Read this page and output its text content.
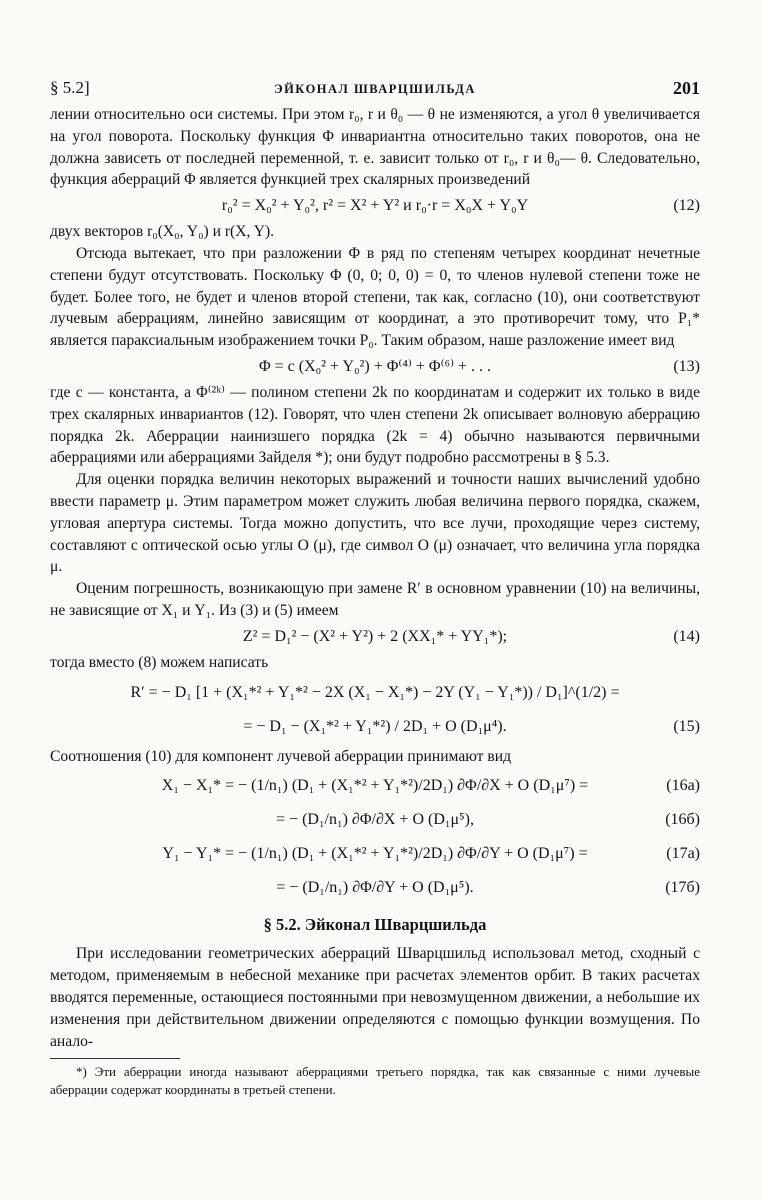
§ 5.2]	ЭЙКОНАЛ ШВАРЦШИЛЬДА	201

лении относительно оси системы. При этом r₀, r и θ₀ — θ не изменяются, а угол θ увеличивается на угол поворота. Поскольку функция Φ инвариантна относительно таких поворотов, она не должна зависеть от последней переменной, т. е. зависит только от r₀, r и θ₀— θ. Следовательно, функция аберраций Φ является функцией трех скалярных произведений

r₀² = X₀² + Y₀², r² = X² + Y² и r₀·r = X₀X + Y₀Y	(12)

двух векторов r₀(X₀, Y₀) и r(X, Y).

Отсюда вытекает, что при разложении Φ в ряд по степеням четырех координат нечетные степени будут отсутствовать. Поскольку Φ (0, 0; 0, 0) = 0, то членов нулевой степени тоже не будет. Более того, не будет и членов второй степени, так как, согласно (10), они соответствуют лучевым аберрациям, линейно зависящим от координат, а это противоречит тому, что P₁* является параксиальным изображением точки P₀. Таким образом, наше разложение имеет вид

Φ = c (X₀² + Y₀²) + Φ⁽⁴⁾ + Φ⁽⁶⁾ + . . .	(13)

где c — константа, а Φ⁽²ᵏ⁾ — полином степени 2k по координатам и содержит их только в виде трех скалярных инвариантов (12). Говорят, что член степени 2k описывает волновую аберрацию порядка 2k. Аберрации наинизшего порядка (2k = 4) обычно называются первичными аберрациями или аберрациями Зайделя *); они будут подробно рассмотрены в § 5.3.

Для оценки порядка величин некоторых выражений и точности наших вычислений удобно ввести параметр μ. Этим параметром может служить любая величина первого порядка, скажем, угловая апертура системы. Тогда можно допустить, что все лучи, проходящие через систему, составляют с оптической осью углы O (μ), где символ O (μ) означает, что величина угла порядка μ.

Оценим погрешность, возникающую при замене R′ в основном уравнении (10) на величины, не зависящие от X₁ и Y₁. Из (3) и (5) имеем

Z² = D₁² − (X² + Y²) + 2 (XX₁* + YY₁*);	(14)

тогда вместо (8) можем написать

R′ = − D₁ [1 + (X₁*² + Y₁*² − 2X (X₁ − X₁*) − 2Y (Y₁ − Y₁*)) / D₁]^(1/2) =
= − D₁ − (X₁*² + Y₁*²) / 2D₁ + O (D₁μ⁴).	(15)

Соотношения (10) для компонент лучевой аберрации принимают вид

X₁ − X₁* = − (1/n₁) (D₁ + (X₁*² + Y₁*²)/2D₁) ∂Φ/∂X + O (D₁μ⁷) =	(16а)
= − (D₁/n₁) ∂Φ/∂X + O (D₁μ⁵),	(16б)
Y₁ − Y₁* = − (1/n₁) (D₁ + (X₁*² + Y₁*²)/2D₁) ∂Φ/∂Y + O (D₁μ⁷) =	(17а)
= − (D₁/n₁) ∂Φ/∂Y + O (D₁μ⁵).	(17б)
§ 5.2. Эйконал Шварцшильда

При исследовании геометрических аберраций Шварцшильд использовал метод, сходный с методом, применяемым в небесной механике при расчетах элементов орбит. В таких расчетах вводятся переменные, остающиеся постоянными при невозмущенном движении, а небольшие их изменения при действительном движении определяются с помощью функции возмущения. По анало-

*) Эти аберрации иногда называют аберрациями третьего порядка, так как связанные с ними лучевые аберрации содержат координаты в третьей степени.
